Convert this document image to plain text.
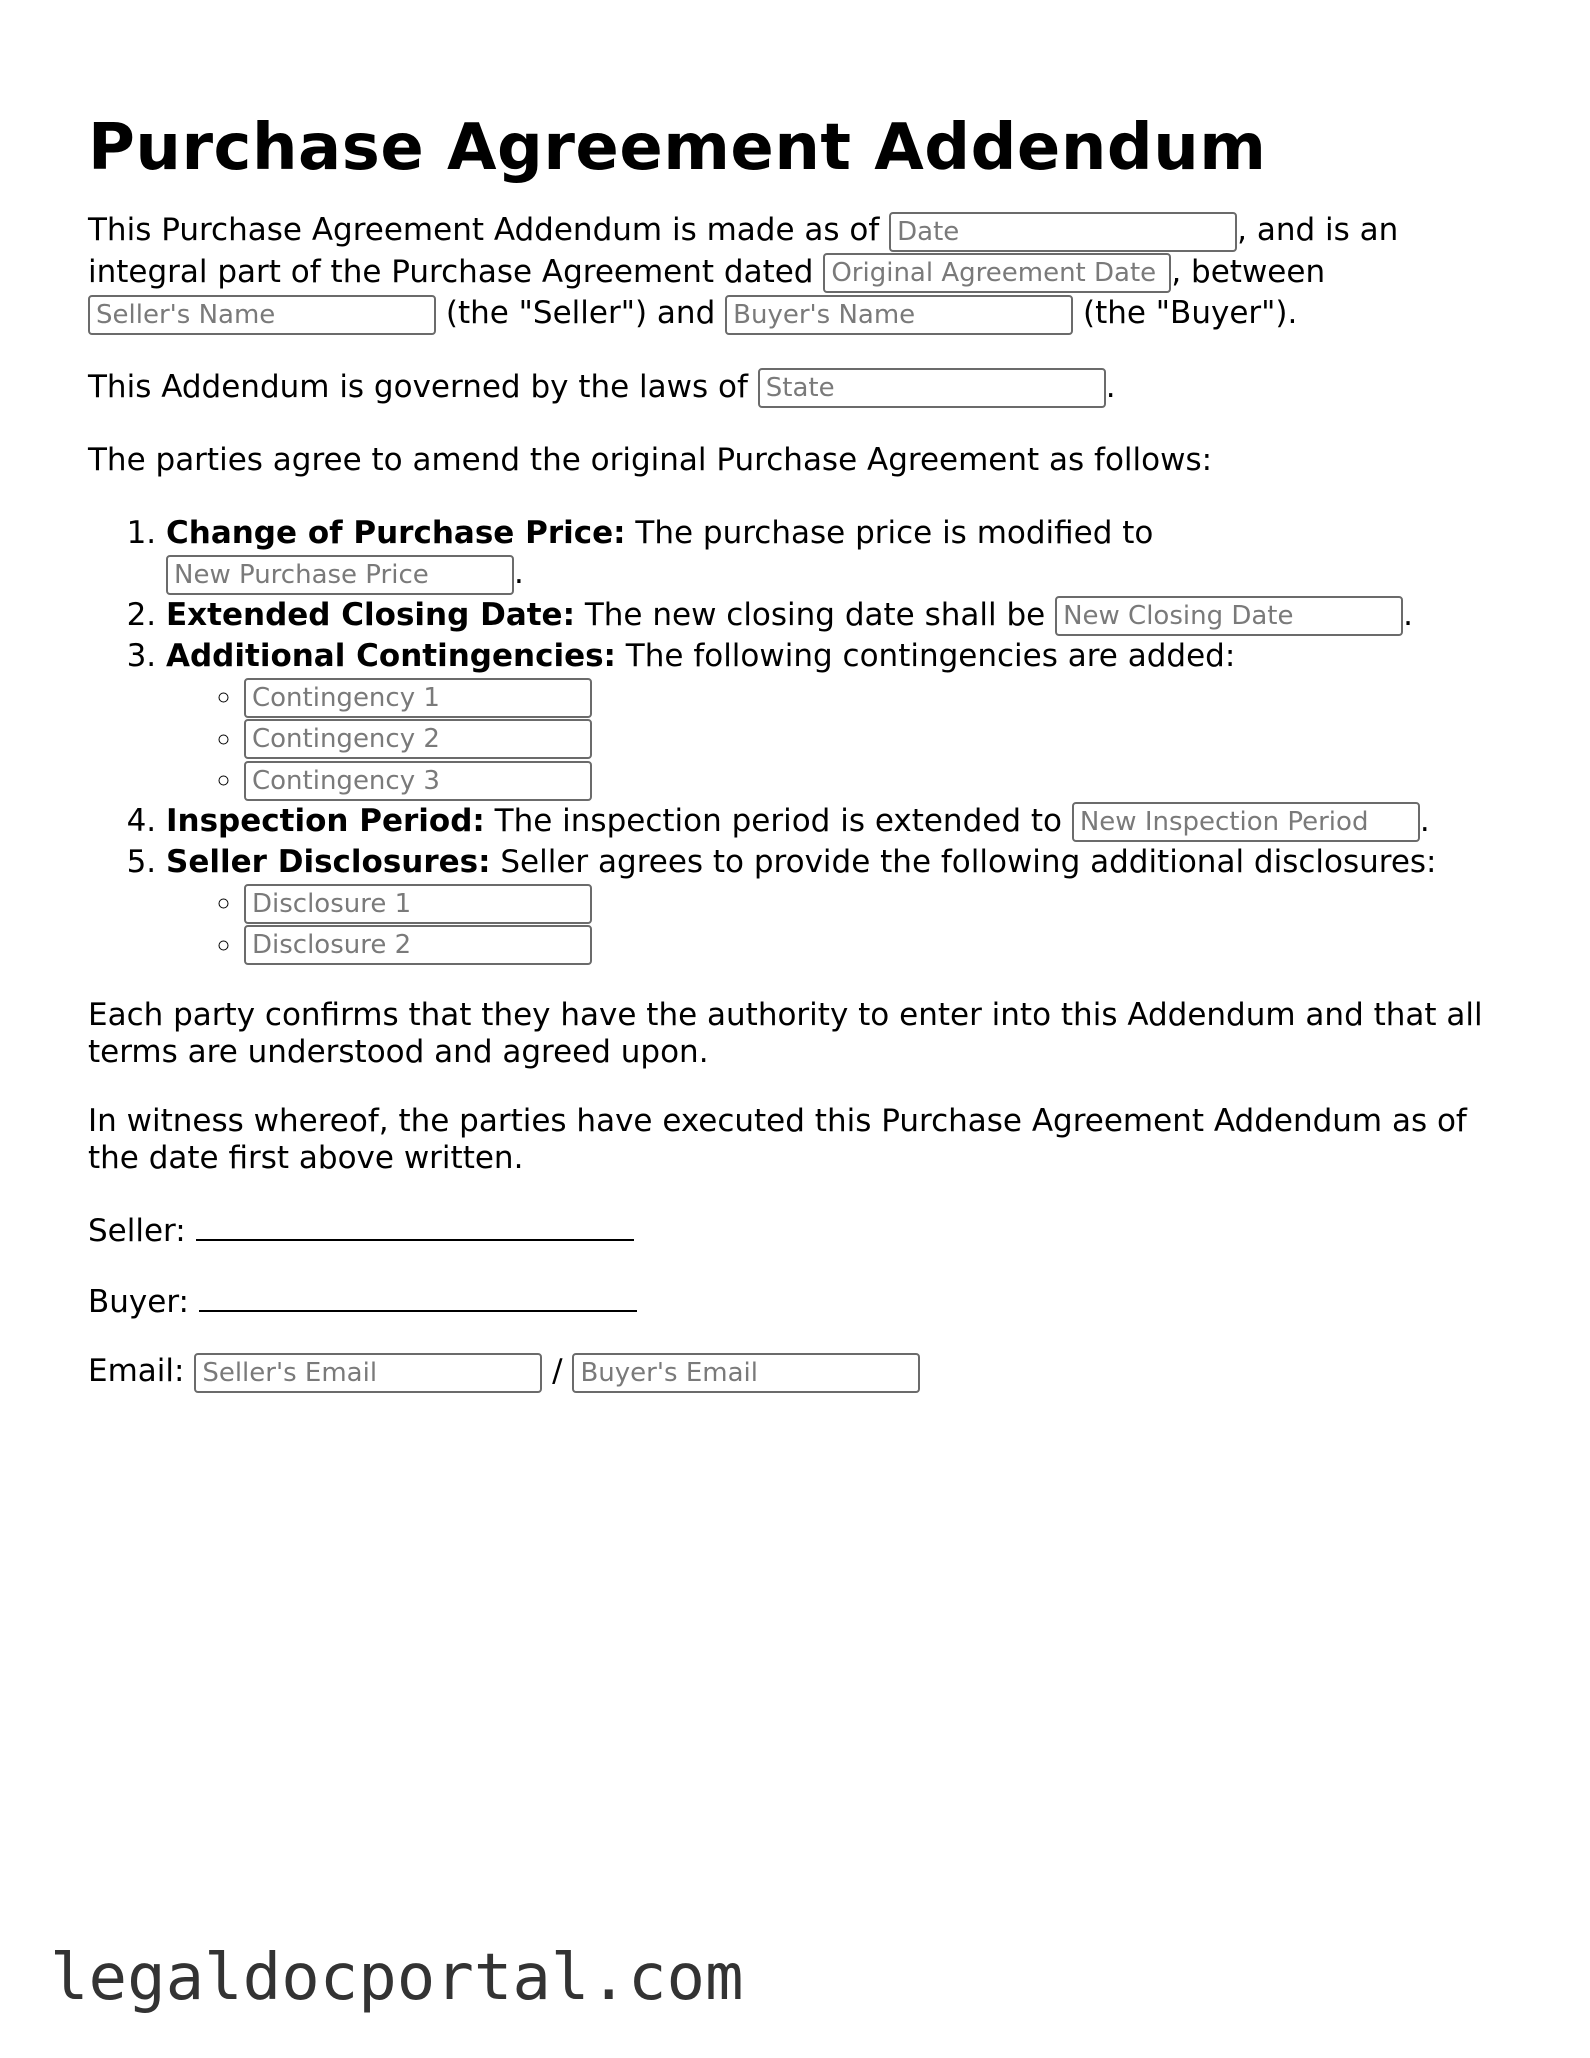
Purchase Agreement Addendum

This Purchase Agreement Addendum is made as of Date	, and is an integral part of the Purchase Agreement dated Original Agreement Date	, between Seller's Name (the "Seller") and Buyer's Name	(the "Buyer").

This Addendum is governed by the laws of State	.

The parties agree to amend the original Purchase Agreement as follows:

1. Change of Purchase Price: The purchase price is modified to New Purchase Price.
2. Extended Closing Date: The new closing date shall be New Closing Date	.
3. Additional Contingencies: The following contingencies are added:
◦ Contingency 1
◦ Contingency 2
◦ Contingency 3
4. Inspection Period: The inspection period is extended to New Inspection Period	.
5. Seller Disclosures: Seller agrees to provide the following additional disclosures:
◦ Disclosure 1
◦ Disclosure 2

Each party confirms that they have the authority to enter into this Addendum and that all terms are understood and agreed upon.

In witness whereof, the parties have executed this Purchase Agreement Addendum as of the date first above written.

Seller:
Buyer:
Email: Seller's Email	/ Buyer's Email
legaldocportal.com
